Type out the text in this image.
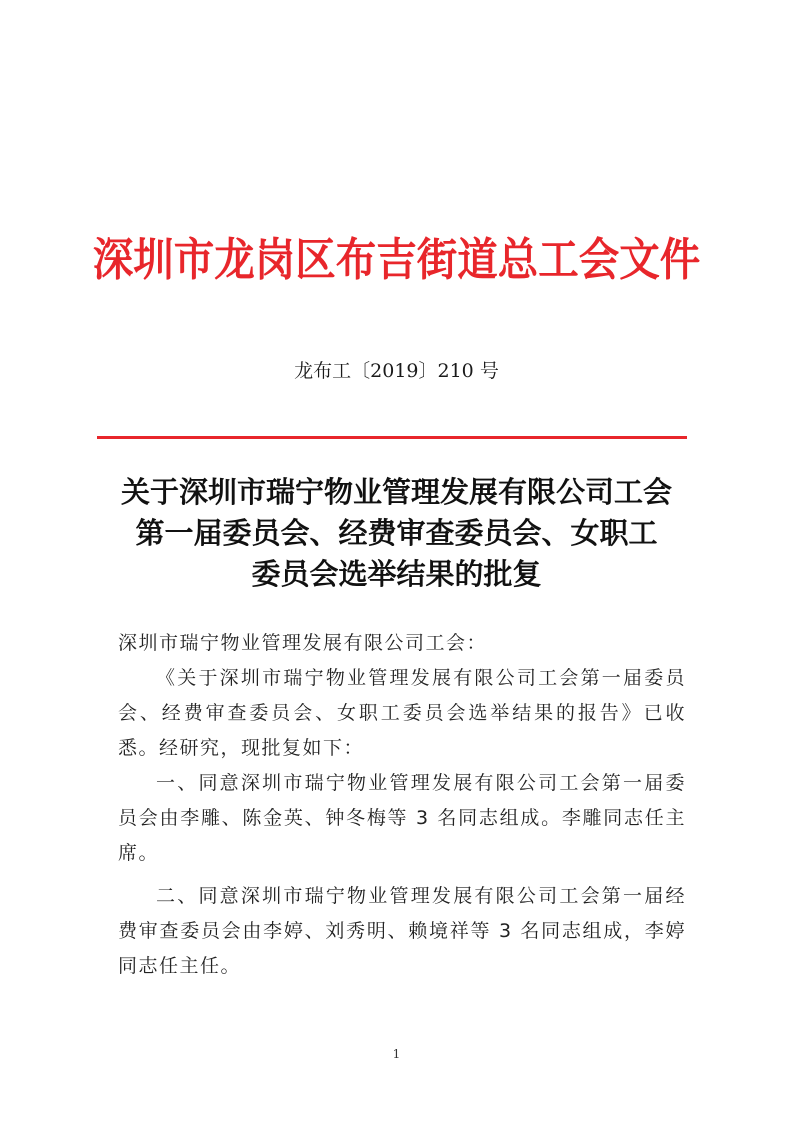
深圳市龙岗区布吉街道总工会文件
龙布工〔2019〕210 号
关于深圳市瑞宁物业管理发展有限公司工会
第一届委员会、经费审查委员会、女职工
委员会选举结果的批复

深圳市瑞宁物业管理发展有限公司工会：

《关于深圳市瑞宁物业管理发展有限公司工会第一届委员会、经费审查委员会、女职工委员会选举结果的报告》已收悉。经研究，现批复如下：

一、同意深圳市瑞宁物业管理发展有限公司工会第一届委员会由李雕、陈金英、钟冬梅等 3 名同志组成。李雕同志任主席。

二、同意深圳市瑞宁物业管理发展有限公司工会第一届经费审查委员会由李婷、刘秀明、赖境祥等 3 名同志组成，李婷同志任主任。

1
